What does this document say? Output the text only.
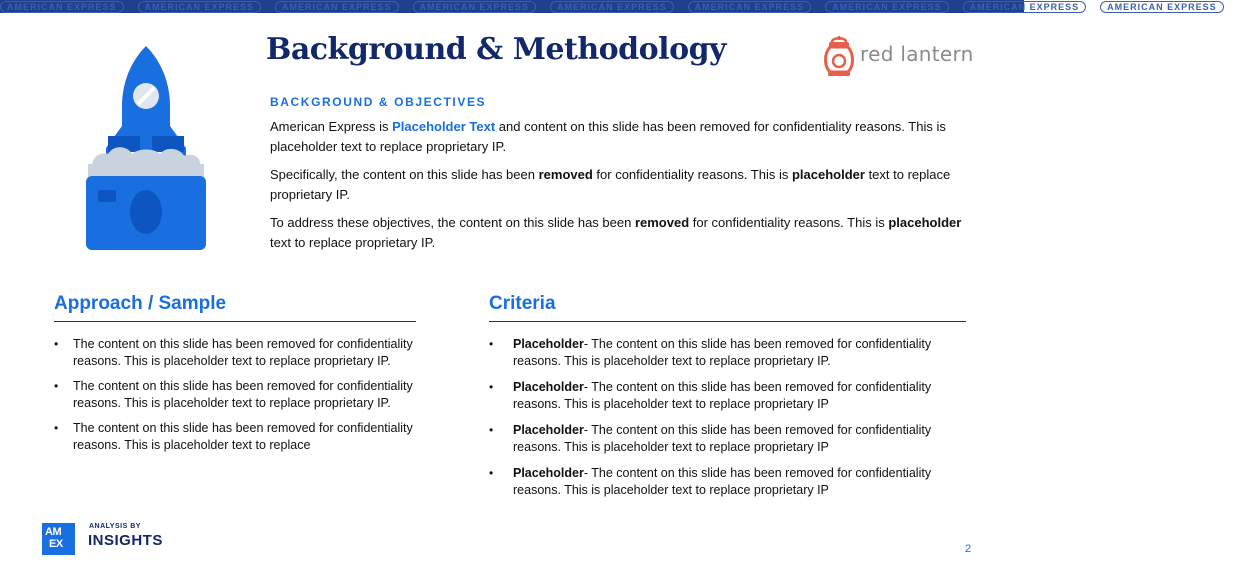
AMERICAN EXPRESS	AMERICAN EXPRESS	AMERICAN EXPRESS	AMERICAN EXPRESS	AMERICAN EXPRESS	AMERICAN EXPRESS	AMERICAN EXPRESS	AMERICAN EXPRESS	AMERICAN EXPRESS
Background & Methodology	red lantern

BACKGROUND & OBJECTIVES

American Express is Placeholder Text and content on this slide has been removed for confidentiality reasons. This is placeholder text to replace proprietary IP.

Specifically, the content on this slide has been removed for confidentiality reasons. This is placeholder text to replace proprietary IP.

To address these objectives, the content on this slide has been removed for confidentiality reasons. This is placeholder text to replace proprietary IP.

Approach / Sample
• The content on this slide has been removed for confidentiality reasons. This is placeholder text to replace proprietary IP.
• The content on this slide has been removed for confidentiality reasons. This is placeholder text to replace proprietary IP.
• The content on this slide has been removed for confidentiality reasons. This is placeholder text to replace
Criteria
• Placeholder- The content on this slide has been removed for confidentiality reasons. This is placeholder text to replace proprietary IP.
• Placeholder- The content on this slide has been removed for confidentiality reasons. This is placeholder text to replace proprietary IP
• Placeholder- The content on this slide has been removed for confidentiality reasons. This is placeholder text to replace proprietary IP
• Placeholder- The content on this slide has been removed for confidentiality reasons. This is placeholder text to replace proprietary IP
AM
EX
ANALYSIS BY
INSIGHTS	2
